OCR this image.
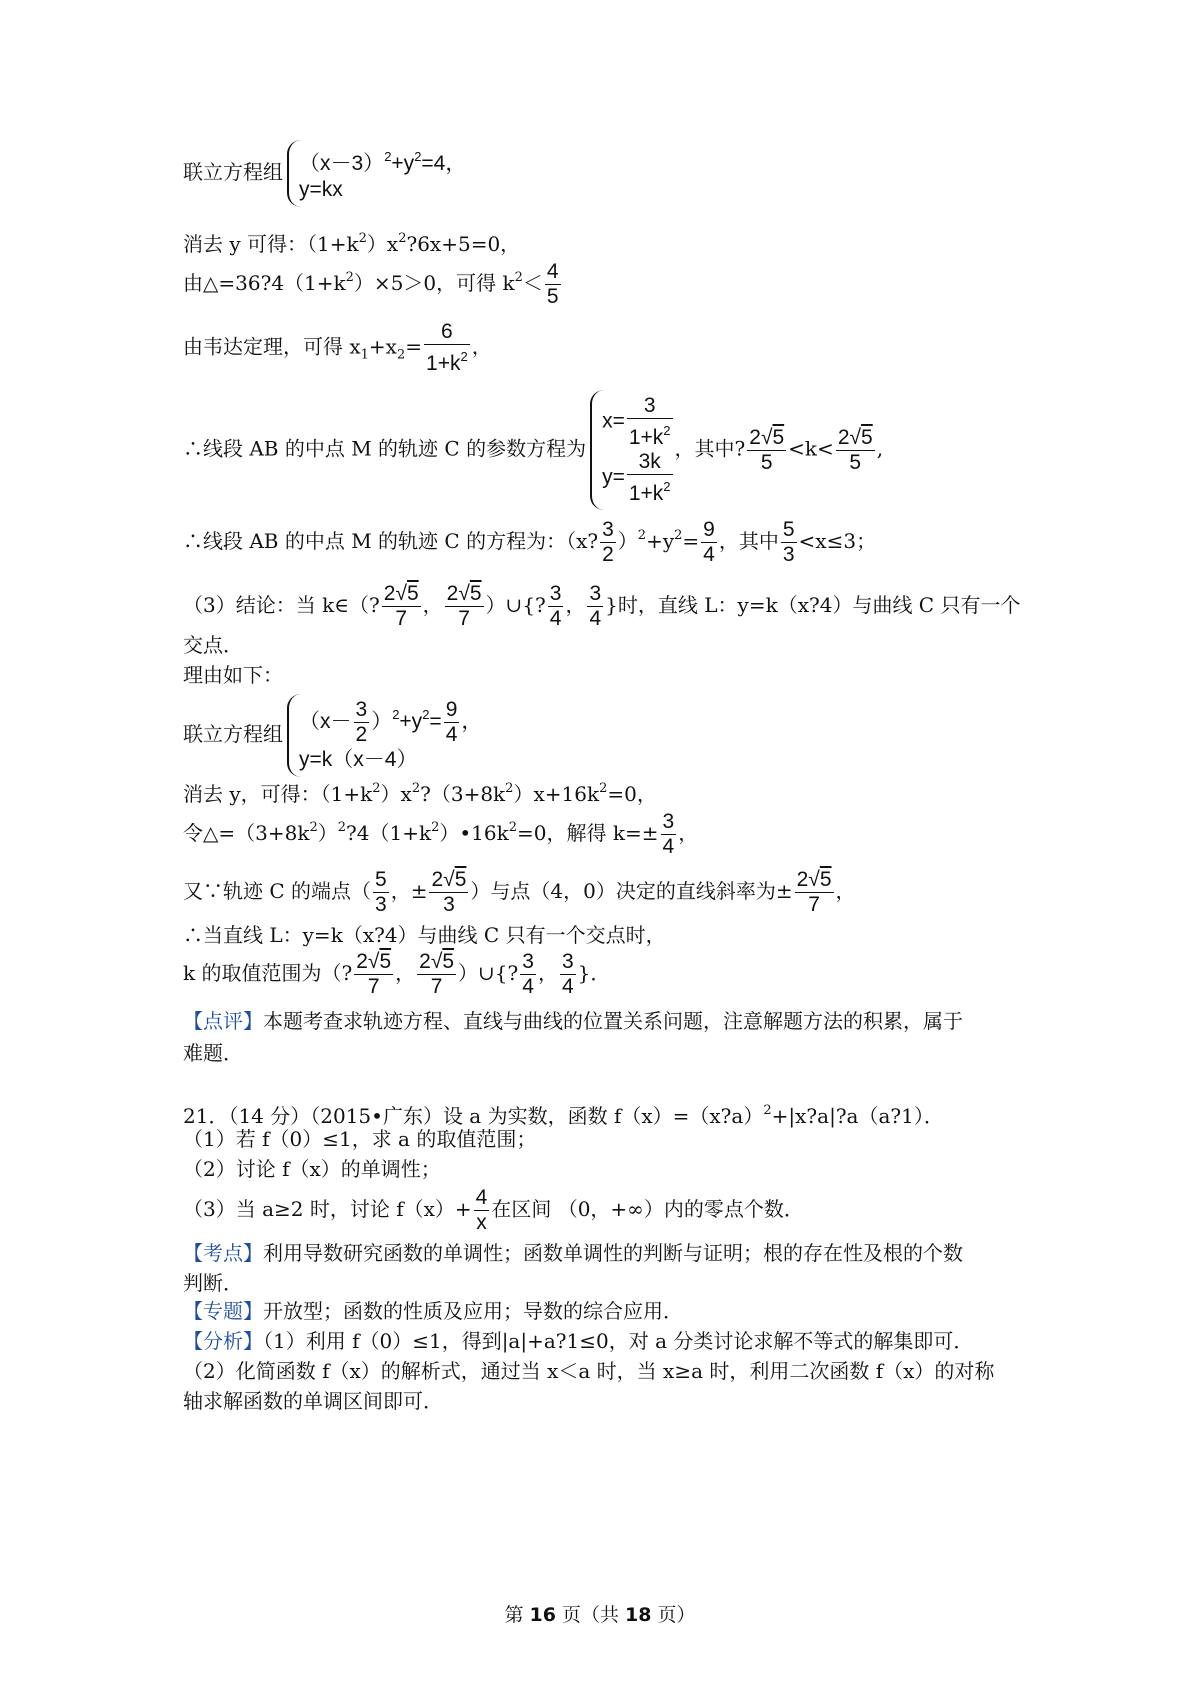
联立方程组 $(x-3)^2+y^2=4$，
y=kx
消去 y 可得：$(1+k^2)x^2?6x+5=0$，
由$\triangle=36?4(1+k^2)\times 5>0$，可得 $k^2< \frac{4}{5}$
由韦达定理，可得 $x_1+x_2= \frac{6}{1+k^2}$ ，
∴线段 AB 的中点 M 的轨迹 C 的参数方程为
$x= \frac{3}{1+k^2}$
$y= \frac{3k}{1+k^2}$
，其中? $\frac{2√5}{5} <k< \frac{2√5}{5}$ ,
∴线段 AB 的中点 M 的轨迹 C 的方程为：（x? $\frac{3}{2} )^2+y^2= \frac{9}{4}$ ，其中 $\frac{5}{3} <x\le 3$；
（3）结论：当 k∈（? $\frac{2√5}{7}$ ， $\frac{2√5}{7}$ ）∪{? $\frac{3}{4}$ ， $\frac{3}{4}$ }时，直线 L：y=k（x?4）与曲线 C 只有一个
交点．
理由如下：
联立方程组
$(x- \frac{3}{2} )^2+y^2= \frac{9}{4}$ ，
y=k（x－4）
消去 y，可得：$(1+k^2)x^2?(3+8k^2)x+16k^2=0$，
令$\triangle=(3+8k^2)^2?4(1+k^2)•16k^2=0$，解得 $k=\pm \frac{3}{4}$ ，
又∵轨迹 C 的端点（ $\frac{5}{3}$ ，± $\frac{2√5}{3}$ ）与点（4，0）决定的直线斜率为± $\frac{2√5}{7}$ ，
∴当直线 L：y=k（x?4）与曲线 C 只有一个交点时，
k 的取值范围为（? $\frac{2√5}{7}$ ， $\frac{2√5}{7}$ ）∪{? $\frac{3}{4}$ ， $\frac{3}{4}$ }．
【点评】本题考查求轨迹方程、直线与曲线的位置关系问题，注意解题方法的积累，属于
难题．
21．（14 分）（2015•广东）设 a 为实数，函数 f（x）=（x?a）$^2$+|x?a|?a（a?1）．
（1）若 f（0）≤1，求 a 的取值范围；
（2）讨论 f（x）的单调性；
（3）当 a≥2 时，讨论 $f(x)+ \frac{4}{x}$ 在区间 （0，+∞）内的零点个数．
【考点】利用导数研究函数的单调性；函数单调性的判断与证明；根的存在性及根的个数
判断．
【专题】开放型；函数的性质及应用；导数的综合应用．
【分析】（1）利用 f（0）≤1，得到|a|+a?1≤0，对 a 分类讨论求解不等式的解集即可．
（2）化简函数 f（x）的解析式，通过当 x＜a 时，当 x≥a 时，利用二次函数 f（x）的对称
轴求解函数的单调区间即可．
第 16 页（共 18 页）
